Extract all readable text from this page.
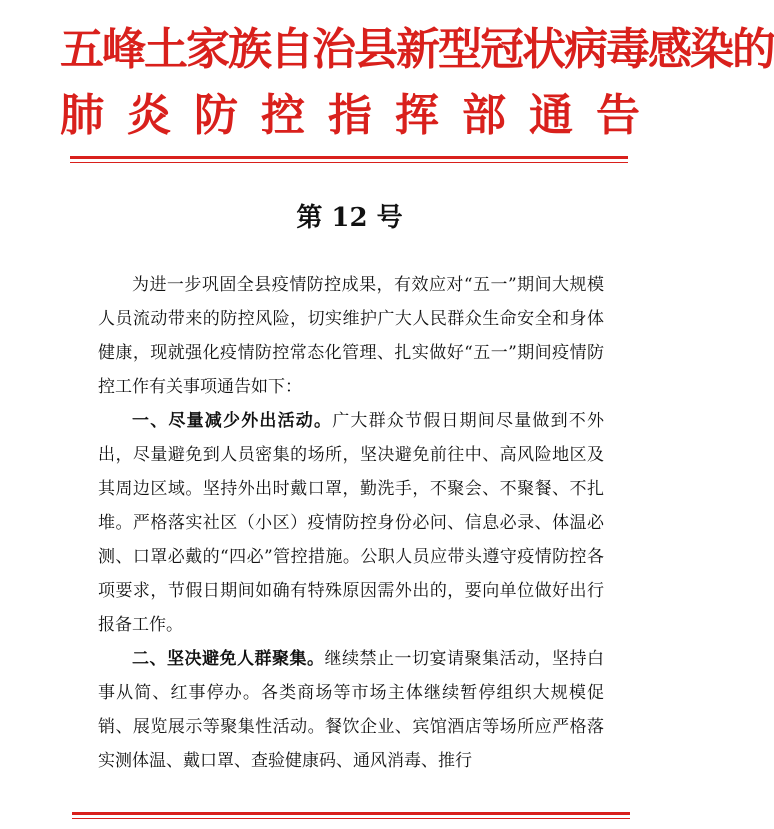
五峰土家族自治县新型冠状病毒感染的
肺炎防控指挥部通告
第 12 号

为进一步巩固全县疫情防控成果，有效应对“五一”期间大规模人员流动带来的防控风险，切实维护广大人民群众生命安全和身体健康，现就强化疫情防控常态化管理、扎实做好“五一”期间疫情防控工作有关事项通告如下：

一、尽量减少外出活动。广大群众节假日期间尽量做到不外出，尽量避免到人员密集的场所，坚决避免前往中、高风险地区及其周边区域。坚持外出时戴口罩，勤洗手，不聚会、不聚餐、不扎堆。严格落实社区（小区）疫情防控身份必问、信息必录、体温必测、口罩必戴的“四必”管控措施。公职人员应带头遵守疫情防控各项要求，节假日期间如确有特殊原因需外出的，要向单位做好出行报备工作。

二、坚决避免人群聚集。继续禁止一切宴请聚集活动，坚持白事从简、红事停办。各类商场等市场主体继续暂停组织大规模促销、展览展示等聚集性活动。餐饮企业、宾馆酒店等场所应严格落实测体温、戴口罩、查验健康码、通风消毒、推行
